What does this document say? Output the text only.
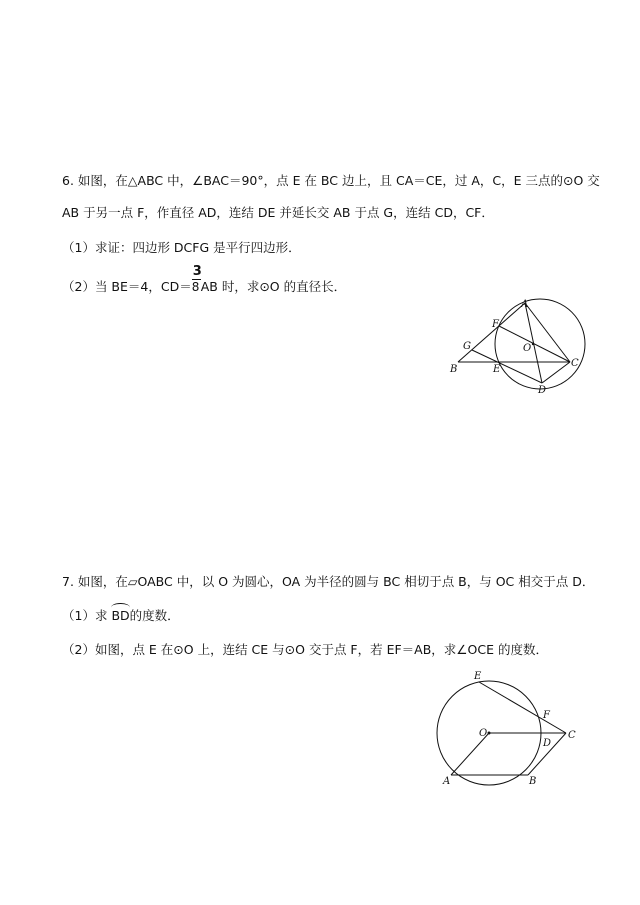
6. 如图，在△ABC 中，∠BAC＝90°，点 E 在 BC 边上，且 CA＝CE，过 A，C，E 三点的⊙O 交
AB 于另一点 F，作直径 AD，连结 DE 并延长交 AB 于点 G，连结 CD，CF．
（1）求证：四边形 DCFG 是平行四边形．
（2）当 BE＝4，$CD= \frac{3}{8}AB$ 时，求⊙O 的直径长．
A
F
G	O
B	E
C
D
7. 如图，在▱OABC 中，以 O 为圆心，OA 为半径的圆与 BC 相切于点 B，与 OC 相交于点 D．
（1）求 BD的度数．
（2）如图，点 E 在⊙O 上，连结 CE 与⊙O 交于点 F，若 EF＝AB，求∠OCE 的度数．
E
F
O
D
C
A	B
